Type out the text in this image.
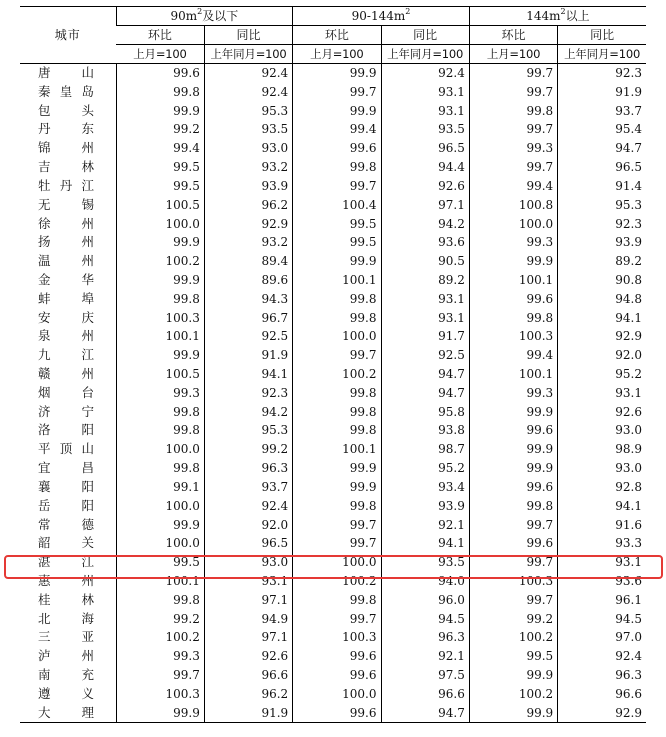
城市	$90m^2$及以下		$90-144m^2$		$144m^2$以上	
	环比	同比	环比	同比	环比	同比
	上月=100	上年同月=100	上月=100	上年同月=100	上月=100	上年同月=100

唐山	99.6	92.4	99.9	92.4	99.7	92.3

秦皇岛	99.8	92.4	99.7	93.1	99.7	91.9

包头	99.9	95.3	99.9	93.1	99.8	93.7

丹东	99.2	93.5	99.4	93.5	99.7	95.4

锦州	99.4	93.0	99.6	96.5	99.3	94.7

吉林	99.5	93.2	99.8	94.4	99.7	96.5

牡丹江	99.5	93.9	99.7	92.6	99.4	91.4

无锡	100.5	96.2	100.4	97.1	100.8	95.3

徐州	100.0	92.9	99.5	94.2	100.0	92.3

扬州	99.9	93.2	99.5	93.6	99.3	93.9

温州	100.2	89.4	99.9	90.5	99.9	89.2

金华	99.9	89.6	100.1	89.2	100.1	90.8

蚌埠	99.8	94.3	99.8	93.1	99.6	94.8

安庆	100.3	96.7	99.8	93.1	99.8	94.1

泉州	100.1	92.5	100.0	91.7	100.3	92.9

九江	99.9	91.9	99.7	92.5	99.4	92.0

赣州	100.5	94.1	100.2	94.7	100.1	95.2

烟台	99.3	92.3	99.8	94.7	99.3	93.1

济宁	99.8	94.2	99.8	95.8	99.9	92.6

洛阳	99.8	95.3	99.8	93.8	99.6	93.0

平顶山	100.0	99.2	100.1	98.7	99.9	98.9

宜昌	99.8	96.3	99.9	95.2	99.9	93.0

襄阳	99.1	93.7	99.9	93.4	99.6	92.8

岳阳	100.0	92.4	99.8	93.9	99.8	94.1

常德	99.9	92.0	99.7	92.1	99.7	91.6

韶关	100.0	96.5	99.7	94.1	99.6	93.3

湛江	99.5	93.0	100.0	93.5	99.7	93.1

惠州	100.1	93.1	100.2	94.0	100.3	93.6

桂林	99.8	97.1	99.8	96.0	99.7	96.1

北海	99.2	94.9	99.7	94.5	99.2	94.5

三亚	100.2	97.1	100.3	96.3	100.2	97.0

泸州	99.3	92.6	99.6	92.1	99.5	92.4

南充	99.7	96.6	99.6	97.5	99.9	96.3

遵义	100.3	96.2	100.0	96.6	100.2	96.6

大理	99.9	91.9	99.6	94.7	99.9	92.9
